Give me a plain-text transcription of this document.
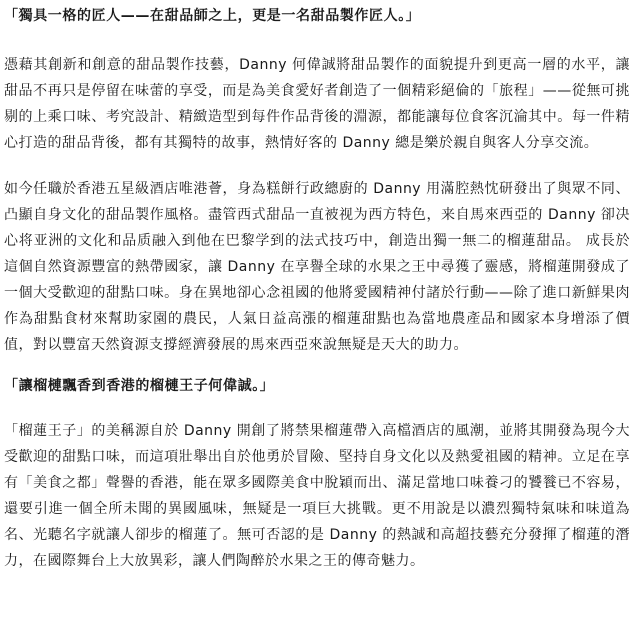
「獨具一格的匠人——在甜品師之上，更是一名甜品製作匠人。」

憑藉其創新和創意的甜品製作技藝，Danny 何偉誠將甜品製作的面貌提升到更高一層的水平，讓甜品不再只是停留在味蕾的享受，而是為美食愛好者創造了一個精彩絕倫的「旅程」——從無可挑剔的上乘口味、考究設計、精緻造型到每件作品背後的淵源，都能讓每位食客沉淪其中。每一件精心打造的甜品背後，都有其獨特的故事，熱情好客的 Danny 總是樂於親自與客人分享交流。

如今任職於香港五星級酒店唯港薈，身為糕餅行政總廚的 Danny 用滿腔熱忱研發出了與眾不同、凸顯自身文化的甜品製作風格。盡管西式甜品一直被视为西方特色，来自馬來西亞的 Danny 卻决心将亚洲的文化和品质融入到他在巴黎学到的法式技巧中，創造出獨一無二的榴蓮甜品。 成長於這個自然資源豐富的熱帶國家，讓 Danny 在享譽全球的水果之王中尋獲了靈感，將榴蓮開發成了一個大受歡迎的甜點口味。身在異地卻心念祖國的他將愛國精神付諸於行動——除了進口新鮮果肉作為甜點食材來幫助家園的農民，人氣日益高漲的榴蓮甜點也為當地農產品和國家本身增添了價值，對以豐富天然資源支撐經濟發展的馬來西亞來說無疑是天大的助力。

「讓榴槤飄香到香港的榴槤王子何偉誠。」

「榴蓮王子」的美稱源自於 Danny 開創了將禁果榴蓮帶入高檔酒店的風潮，並將其開發為現今大受歡迎的甜點口味，而這項壯舉出自於他勇於冒險、堅持自身文化以及熱愛祖國的精神。立足在享有「美食之都」聲譽的香港，能在眾多國際美食中脫穎而出、滿足當地口味養刁的饕餮已不容易，還要引進一個全所未聞的異國風味，無疑是一項巨大挑戰。更不用說是以濃烈獨特氣味和味道為名、光聽名字就讓人卻步的榴蓮了。無可否認的是 Danny 的熱誠和高超技藝充分發揮了榴蓮的潛力，在國際舞台上大放異彩，讓人們陶醉於水果之王的傳奇魅力。
